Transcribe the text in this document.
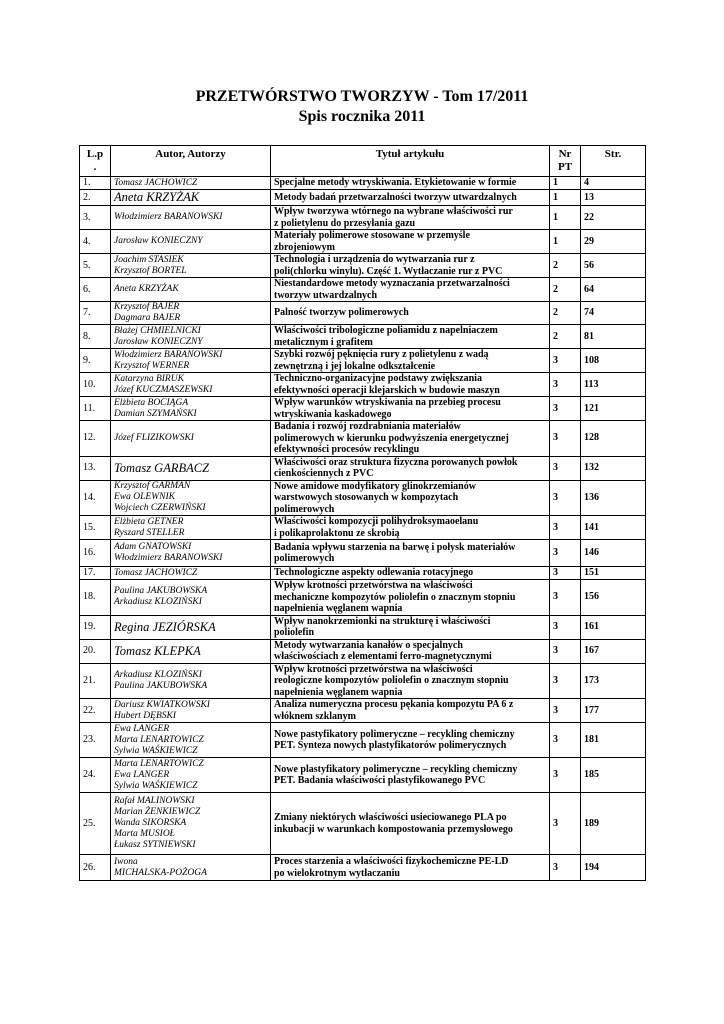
PRZETWÓRSTWO TWORZYW - Tom 17/2011
Spis rocznika 2011
L.p
.	Autor, Autorzy	Tytuł artykułu	Nr
PT	Str.
1.	Tomasz JACHOWICZ	Specjalne metody wtryskiwania. Etykietowanie w formie	1	4
2.	Aneta KRZYŻAK	Metody badań przetwarzalności tworzyw utwardzalnych	1	13
3.	Włodzimierz BARANOWSKI	Wpływ tworzywa wtórnego na wybrane właściwości rur
z polietylenu do przesyłania gazu	1	22
4.	Jarosław KONIECZNY	Materiały polimerowe stosowane w przemyśle
zbrojeniowym	1	29
5.	Joachim STASIEK
Krzysztof BORTEL	Technologia i urządzenia do wytwarzania rur z
poli(chlorku winylu). Część 1. Wytłaczanie rur z PVC	2	56
6.	Aneta KRZYŻAK	Niestandardowe metody wyznaczania przetwarzalności
tworzyw utwardzalnych	2	64
7.	Krzysztof BAJER
Dagmara BAJER	Palność tworzyw polimerowych	2	74
8.	Błażej CHMIELNICKI
Jarosław KONIECZNY	Właściwości tribologiczne poliamidu z napelniaczem
metalicznym i grafitem	2	81
9.	Włodzimierz BARANOWSKI
Krzysztof WERNER	Szybki rozwój pęknięcia rury z polietylenu z wadą
zewnętrzną i jej lokalne odkształcenie	3	108
10.	Katarzyna BIRUK
Józef KUCZMASZEWSKI	Techniczno-organizacyjne podstawy zwiększania
efektywności operacji klejarskich w budowie maszyn	3	113
11.	Elżbieta BOCIĄGA
Damian SZYMAŃSKI	Wpływ warunków wtryskiwania na przebieg procesu
wtryskiwania kaskadowego	3	121
12.	Józef FLIZIKOWSKI	Badania i rozwój rozdrabniania materiałów
polimerowych w kierunku podwyższenia energetycznej
efektywności procesów recyklingu	3	128
13.	Tomasz GARBACZ	Właściwości oraz struktura fizyczna porowanych powłok
cienkościennych z PVC	3	132
14.	Krzysztof GARMAN
Ewa OLEWNIK
Wojciech CZERWIŃSKI	Nowe amidowe modyfikatory glinokrzemianów
warstwowych stosowanych w kompozytach
polimerowych	3	136
15.	Elżbieta GETNER
Ryszard STELLER	Właściwości kompozycji polihydroksymaoelanu
i polikaprolaktonu ze skrobią	3	141
16.	Adam GNATOWSKI
Włodzimierz BARANOWSKI	Badania wpływu starzenia na barwę i połysk materiałów
polimerowych	3	146
17.	Tomasz JACHOWICZ	Technologiczne aspekty odlewania rotacyjnego	3	151
18.	Paulina JAKUBOWSKA
Arkadiusz KLOZIŃSKI	Wpływ krotności przetwórstwa na właściwości
mechaniczne kompozytów poliolefin o znacznym stopniu
napełnienia węglanem wapnia	3	156
19.	Regina JEZIÓRSKA	Wpływ nanokrzemionki na strukturę i właściwości
poliolefin	3	161
20.	Tomasz KLEPKA	Metody wytwarzania kanałów o specjalnych
właściwościach z elementami ferro-magnetycznymi	3	167
21.	Arkadiusz KLOZIŃSKI
Paulina JAKUBOWSKA	Wpływ krotności przetwórstwa na właściwości
reologiczne kompozytów poliolefin o znacznym stopniu
napełnienia węglanem wapnia	3	173
22.	Dariusz KWIATKOWSKI
Hubert DĘBSKI	Analiza numeryczna procesu pękania kompozytu PA 6 z
włóknem szklanym	3	177
23.	Ewa LANGER
Marta LENARTOWICZ
Sylwia WAŚKIEWICZ	Nowe pastyfikatory polimeryczne – recykling chemiczny
PET. Synteza nowych plastyfikatorów polimerycznych	3	181
24.	Marta LENARTOWICZ
Ewa LANGER
Sylwia WAŚKIEWICZ	Nowe plastyfikatory polimeryczne – recykling chemiczny
PET. Badania właściwości plastyfikowanego PVC	3	185
25.	Rafał MALINOWSKI
Marian ŻENKIEWICZ
Wanda SIKORSKA
Marta MUSIOŁ
Łukasz SYTNIEWSKI	Zmiany niektórych właściwości usieciowanego PLA po
inkubacji w warunkach kompostowania przemysłowego	3	189
26.	Iwona
MICHALSKA-POŻOGA	Proces starzenia a właściwości fizykochemiczne PE-LD
po wielokrotnym wytłaczaniu	3	194
